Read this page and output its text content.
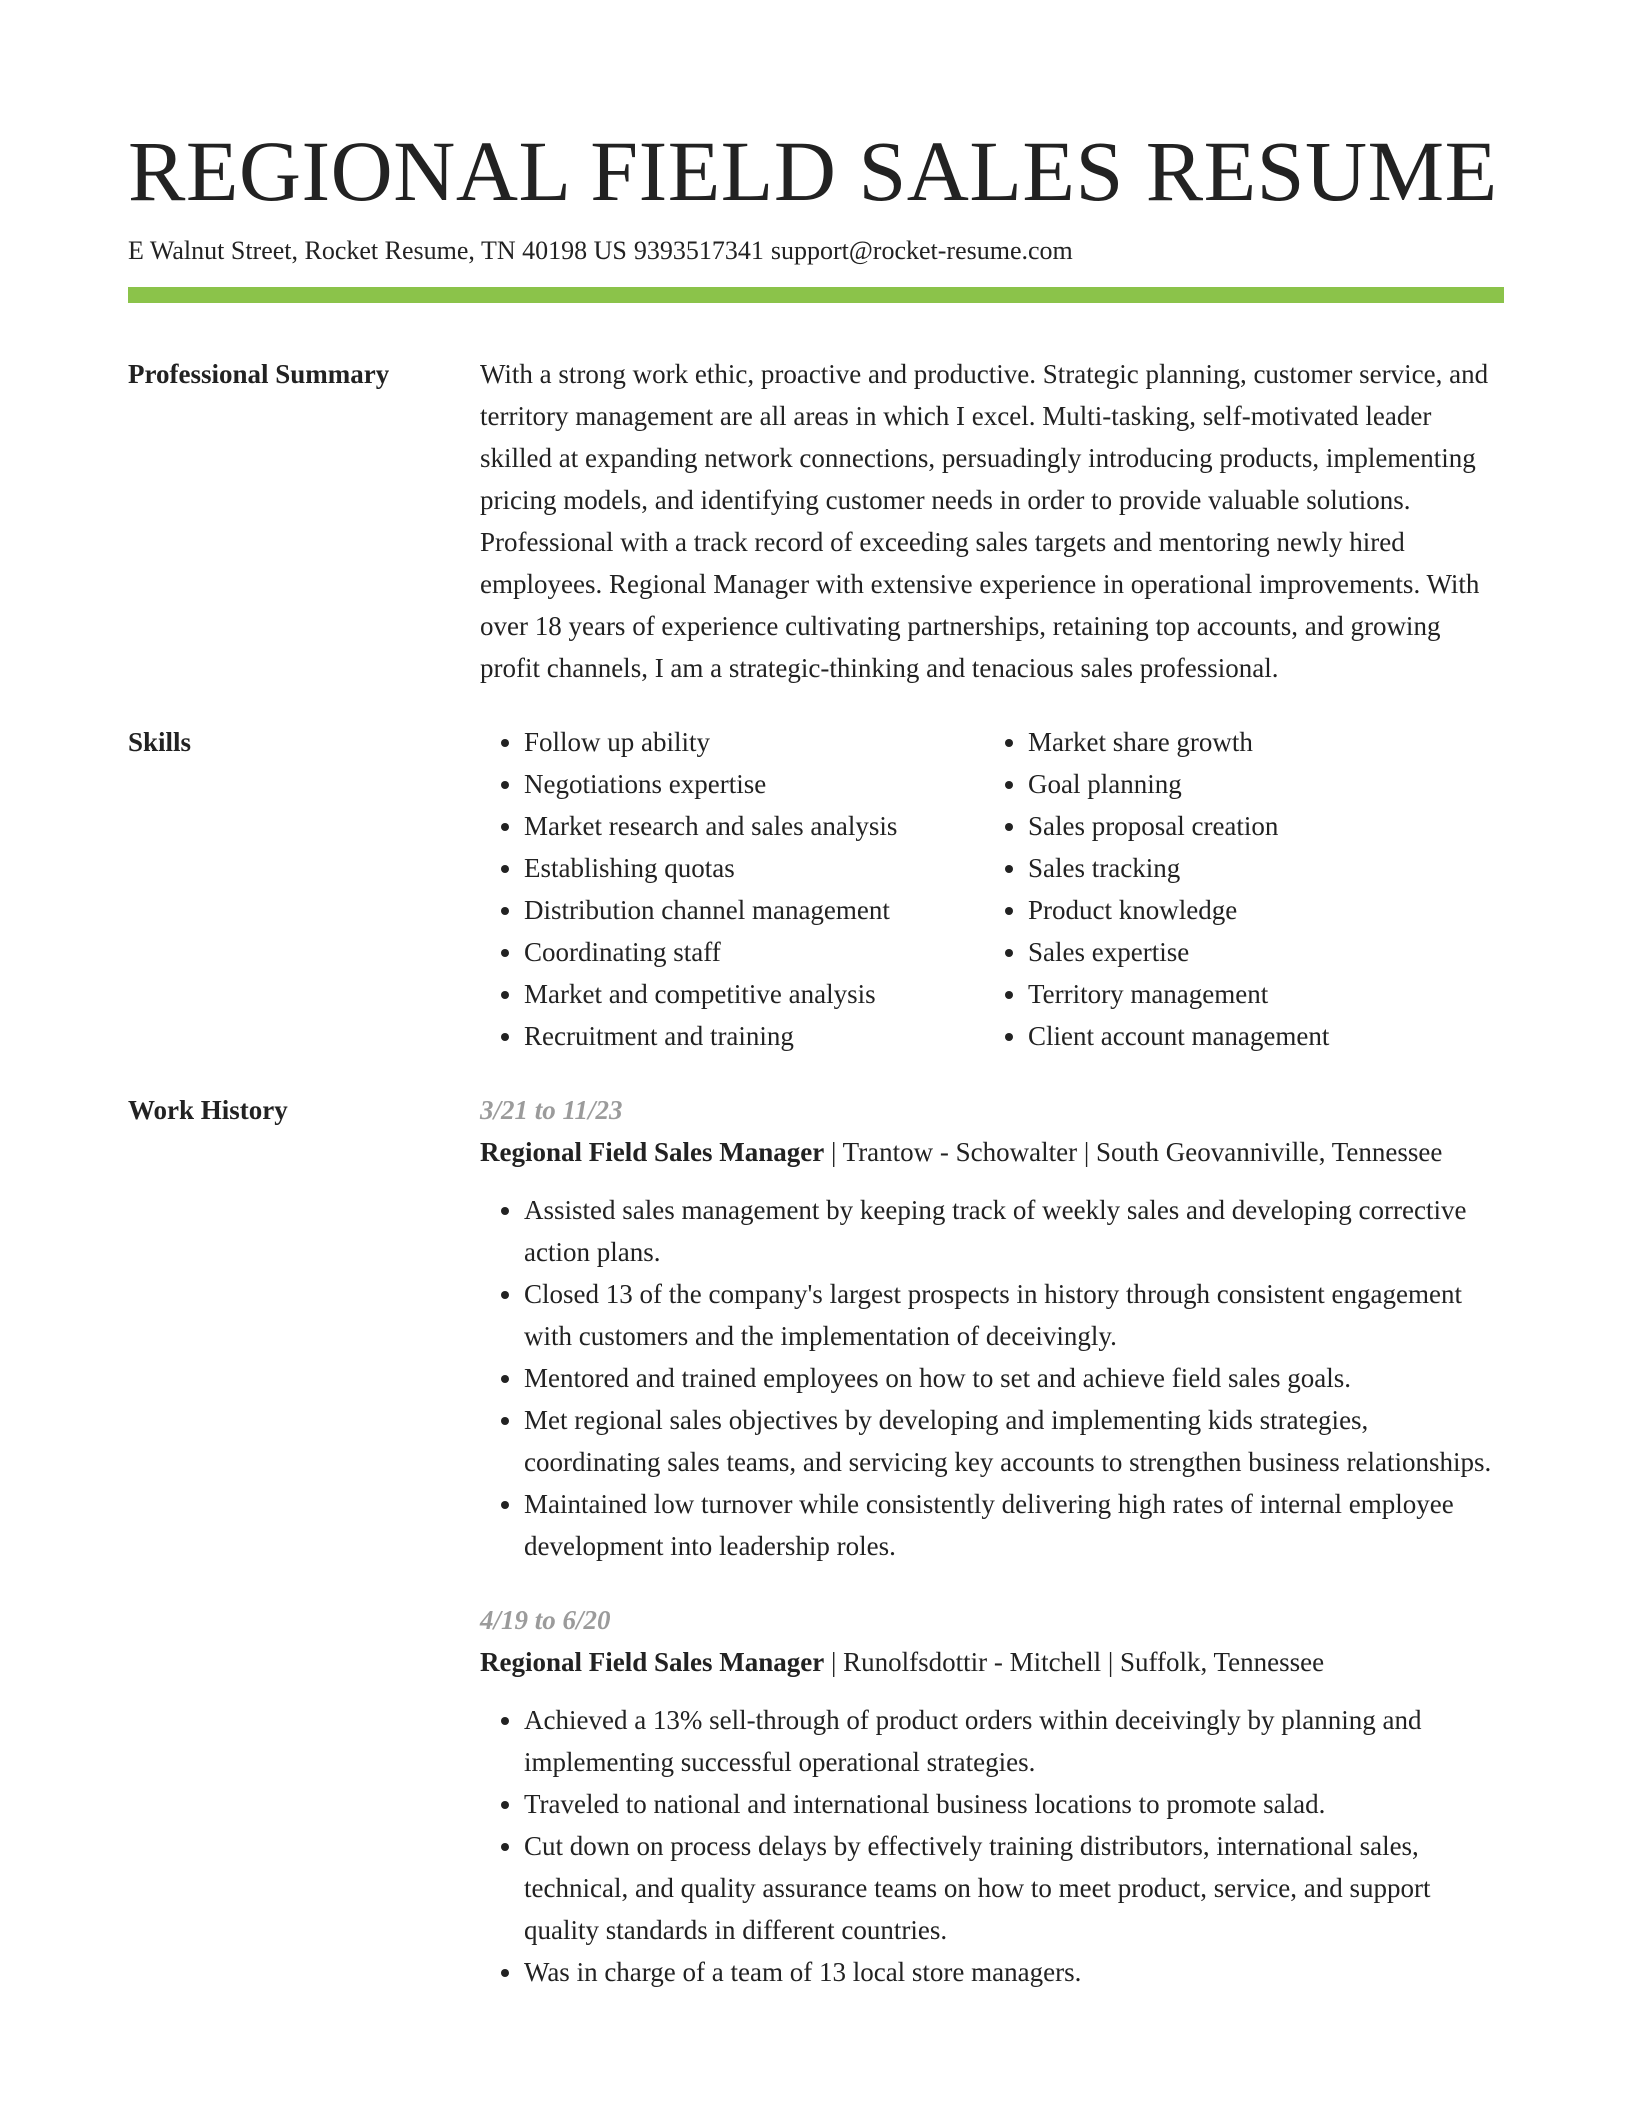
REGIONAL FIELD SALES RESUME
E Walnut Street, Rocket Resume, TN 40198 US 9393517341 support@rocket-resume.com
Professional Summary	With a strong work ethic, proactive and productive. Strategic planning, customer service, and territory management are all areas in which I excel. Multi-tasking, self-motivated leader skilled at expanding network connections, persuadingly introducing products, implementing pricing models, and identifying customer needs in order to provide valuable solutions. Professional with a track record of exceeding sales targets and mentoring newly hired employees. Regional Manager with extensive experience in operational improvements. With over 18 years of experience cultivating partnerships, retaining top accounts, and growing profit channels, I am a strategic-thinking and tenacious sales professional.

Skills
•	Follow up ability
• Negotiations expertise
• Market research and sales analysis
• Establishing quotas
• Distribution channel management
• Coordinating staff
• Market and competitive analysis
• Recruitment and training
• Market share growth
• Goal planning
• Sales proposal creation
• Sales tracking
• Product knowledge
• Sales expertise
• Territory management
• Client account management
Work History	3/21 to 11/23
Regional Field Sales Manager | Trantow - Schowalter | South Geovanniville, Tennessee
• Assisted sales management by keeping track of weekly sales and developing corrective action plans.
• Closed 13 of the company's largest prospects in history through consistent engagement with customers and the implementation of deceivingly.
• Mentored and trained employees on how to set and achieve field sales goals.
• Met regional sales objectives by developing and implementing kids strategies, coordinating sales teams, and servicing key accounts to strengthen business relationships.
• Maintained low turnover while consistently delivering high rates of internal employee development into leadership roles.
4/19 to 6/20
Regional Field Sales Manager | Runolfsdottir - Mitchell | Suffolk, Tennessee
• Achieved a 13% sell-through of product orders within deceivingly by planning and implementing successful operational strategies.
• Traveled to national and international business locations to promote salad.
• Cut down on process delays by effectively training distributors, international sales, technical, and quality assurance teams on how to meet product, service, and support quality standards in different countries.
• Was in charge of a team of 13 local store managers.
